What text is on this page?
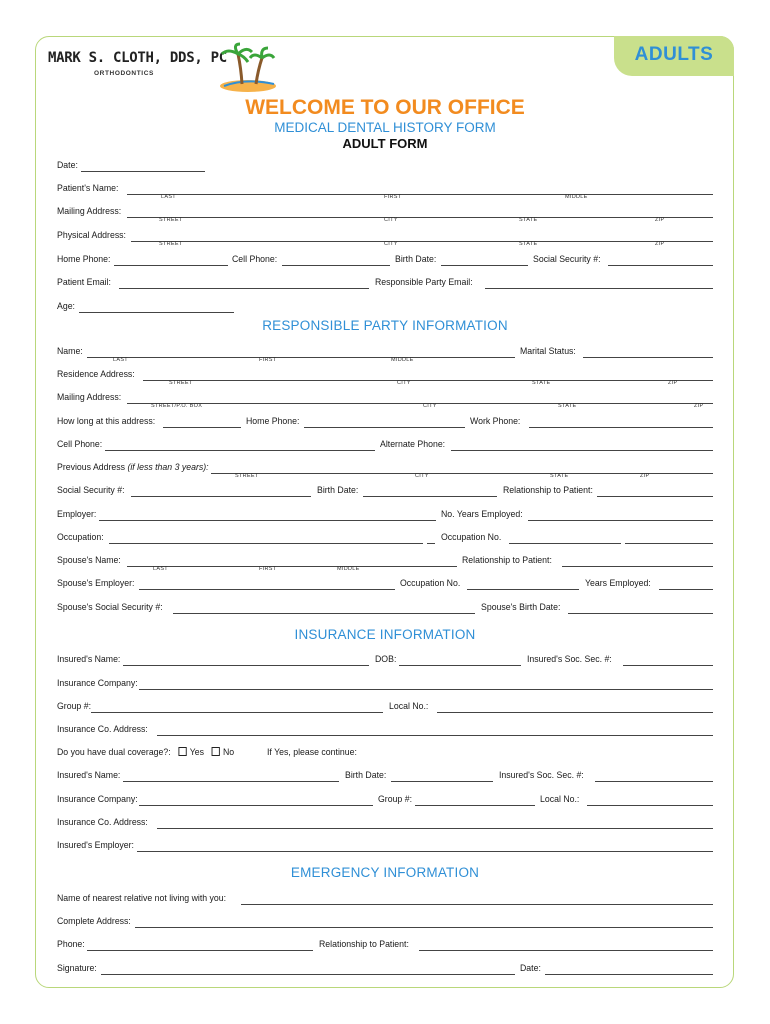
ADULTS
MARK S. CLOTH, DDS, PC
ORTHODONTICS
WELCOME TO OUR OFFICE
MEDICAL DENTAL HISTORY FORM
ADULT FORM
Date:
Patient's Name:
LAST	FIRST	MIDDLE
Mailing Address:
STREET	CITY	STATE	ZIP
Physical Address:
STREET	CITY	STATE	ZIP
Home Phone:	Cell Phone:	Birth Date:	Social Security #:
Patient Email:	Responsible Party Email:
Age:
RESPONSIBLE PARTY INFORMATION
Name:
LAST	FIRST	MIDDLE
Marital Status:
Residence Address:
STREET	CITY	STATE	ZIP
Mailing Address:
STREET/P.O. BOX	CITY	STATE	ZIP
How long at this address:	Home Phone:	Work Phone:
Cell Phone:	Alternate Phone:
Previous Address (if less than 3 years):
STREET	CITY	STATE	ZIP
Social Security #:	Birth Date:	Relationship to Patient:
Employer:	No. Years Employed:
Occupation:	Occupation No.
Spouse's Name:
LAST	FIRST	MIDDLE
Relationship to Patient:
Spouse's Employer:	Occupation No.	Years Employed:
Spouse's Social Security #:	Spouse's Birth Date:
INSURANCE INFORMATION
Insured's Name:	DOB:	Insured's Soc. Sec. #:
Insurance Company:
Group #:	Local No.:
Insurance Co. Address:
Do you have dual coverage?: Yes No	If Yes, please continue:
Insured's Name:	Birth Date:	Insured's Soc. Sec. #:
Insurance Company:	Group #:	Local No.:
Insurance Co. Address:
Insured's Employer:
EMERGENCY INFORMATION
Name of nearest relative not living with you:
Complete Address:
Phone:	Relationship to Patient:
Signature:	Date:
